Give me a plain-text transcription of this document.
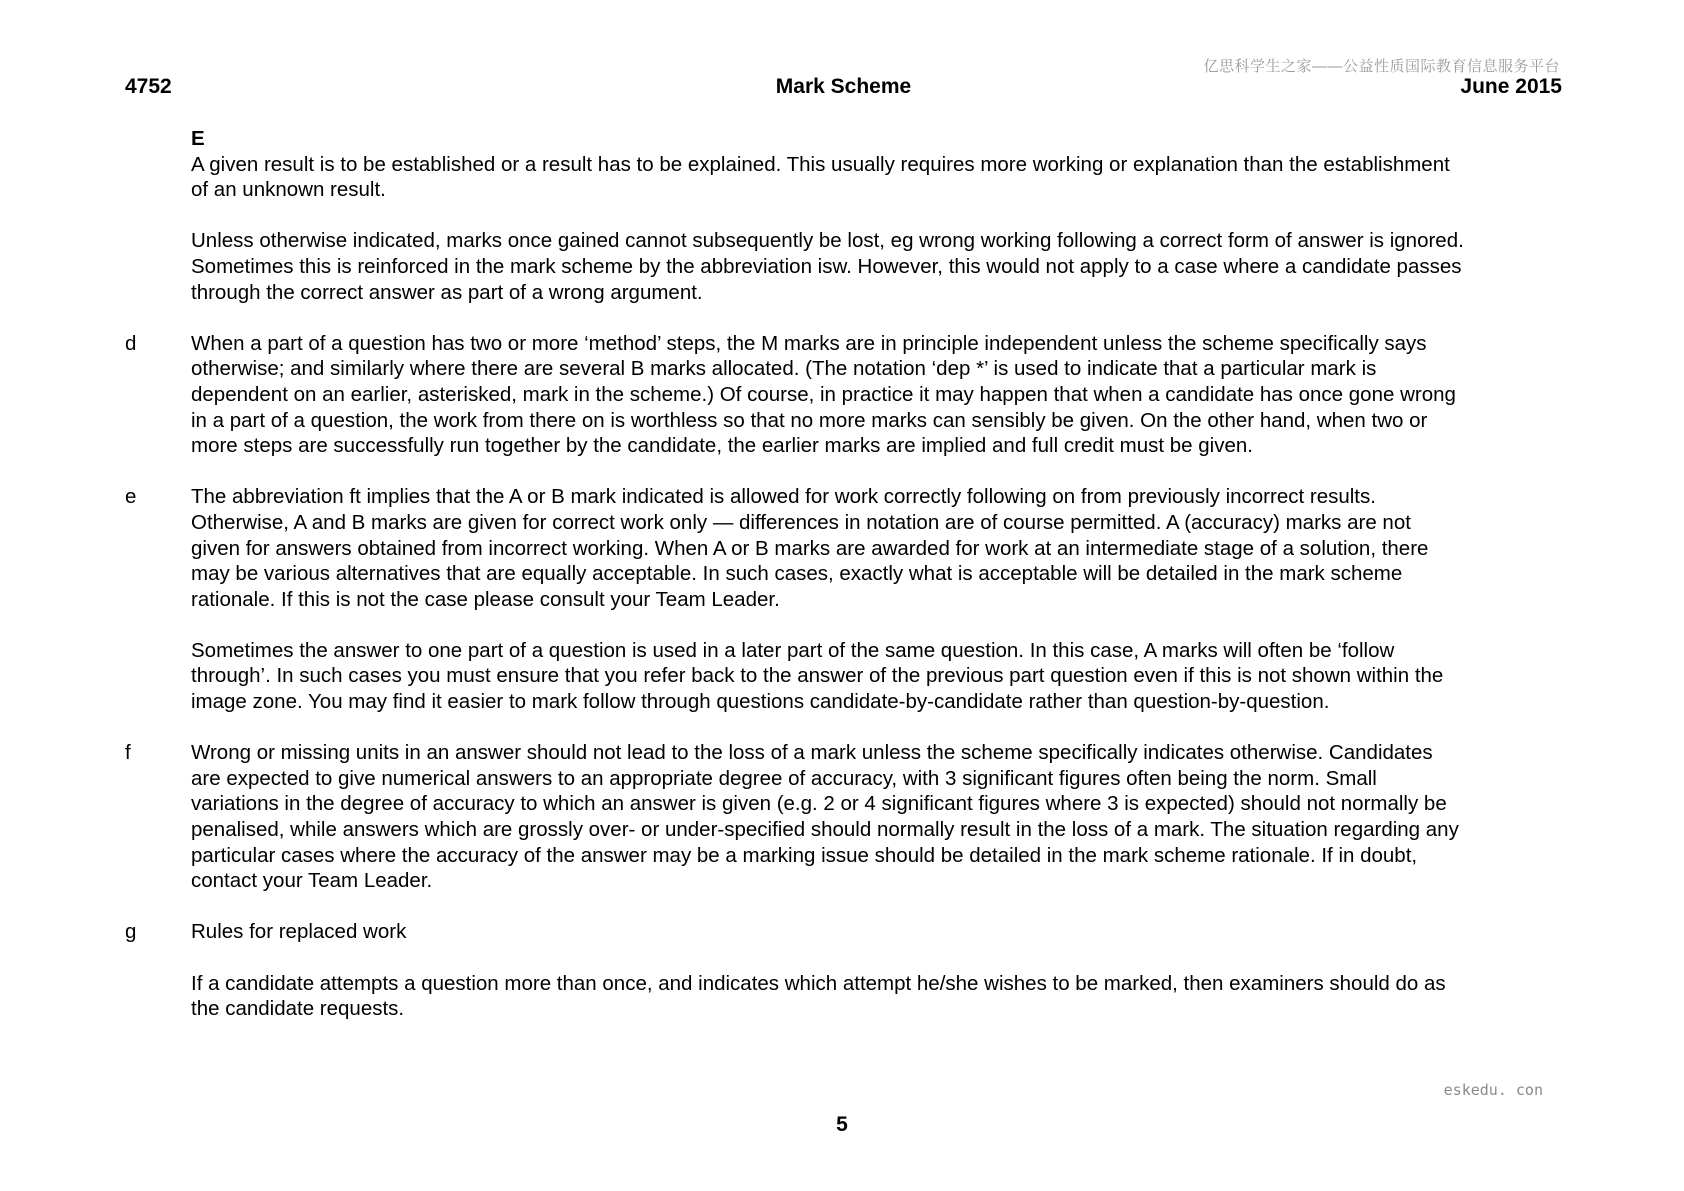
亿思科学生之家——公益性质国际教育信息服务平台
4752	Mark Scheme	June 2015
E

A given result is to be established or a result has to be explained. This usually requires more working or explanation than the establishment of an unknown result.

Unless otherwise indicated, marks once gained cannot subsequently be lost, eg wrong working following a correct form of answer is ignored. Sometimes this is reinforced in the mark scheme by the abbreviation isw. However, this would not apply to a case where a candidate passes through the correct answer as part of a wrong argument.

d	When a part of a question has two or more ‘method’ steps, the M marks are in principle independent unless the scheme specifically says otherwise; and similarly where there are several B marks allocated. (The notation ‘dep *’ is used to indicate that a particular mark is dependent on an earlier, asterisked, mark in the scheme.) Of course, in practice it may happen that when a candidate has once gone wrong in a part of a question, the work from there on is worthless so that no more marks can sensibly be given. On the other hand, when two or more steps are successfully run together by the candidate, the earlier marks are implied and full credit must be given.

e	The abbreviation ft implies that the A or B mark indicated is allowed for work correctly following on from previously incorrect results. Otherwise, A and B marks are given for correct work only — differences in notation are of course permitted. A (accuracy) marks are not given for answers obtained from incorrect working. When A or B marks are awarded for work at an intermediate stage of a solution, there may be various alternatives that are equally acceptable. In such cases, exactly what is acceptable will be detailed in the mark scheme rationale. If this is not the case please consult your Team Leader.

Sometimes the answer to one part of a question is used in a later part of the same question. In this case, A marks will often be ‘follow through’. In such cases you must ensure that you refer back to the answer of the previous part question even if this is not shown within the image zone. You may find it easier to mark follow through questions candidate-by-candidate rather than question-by-question.

f	Wrong or missing units in an answer should not lead to the loss of a mark unless the scheme specifically indicates otherwise. Candidates are expected to give numerical answers to an appropriate degree of accuracy, with 3 significant figures often being the norm. Small variations in the degree of accuracy to which an answer is given (e.g. 2 or 4 significant figures where 3 is expected) should not normally be penalised, while answers which are grossly over- or under-specified should normally result in the loss of a mark. The situation regarding any particular cases where the accuracy of the answer may be a marking issue should be detailed in the mark scheme rationale. If in doubt, contact your Team Leader.

g	Rules for replaced work

If a candidate attempts a question more than once, and indicates which attempt he/she wishes to be marked, then examiners should do as the candidate requests.

eskedu. con
5
